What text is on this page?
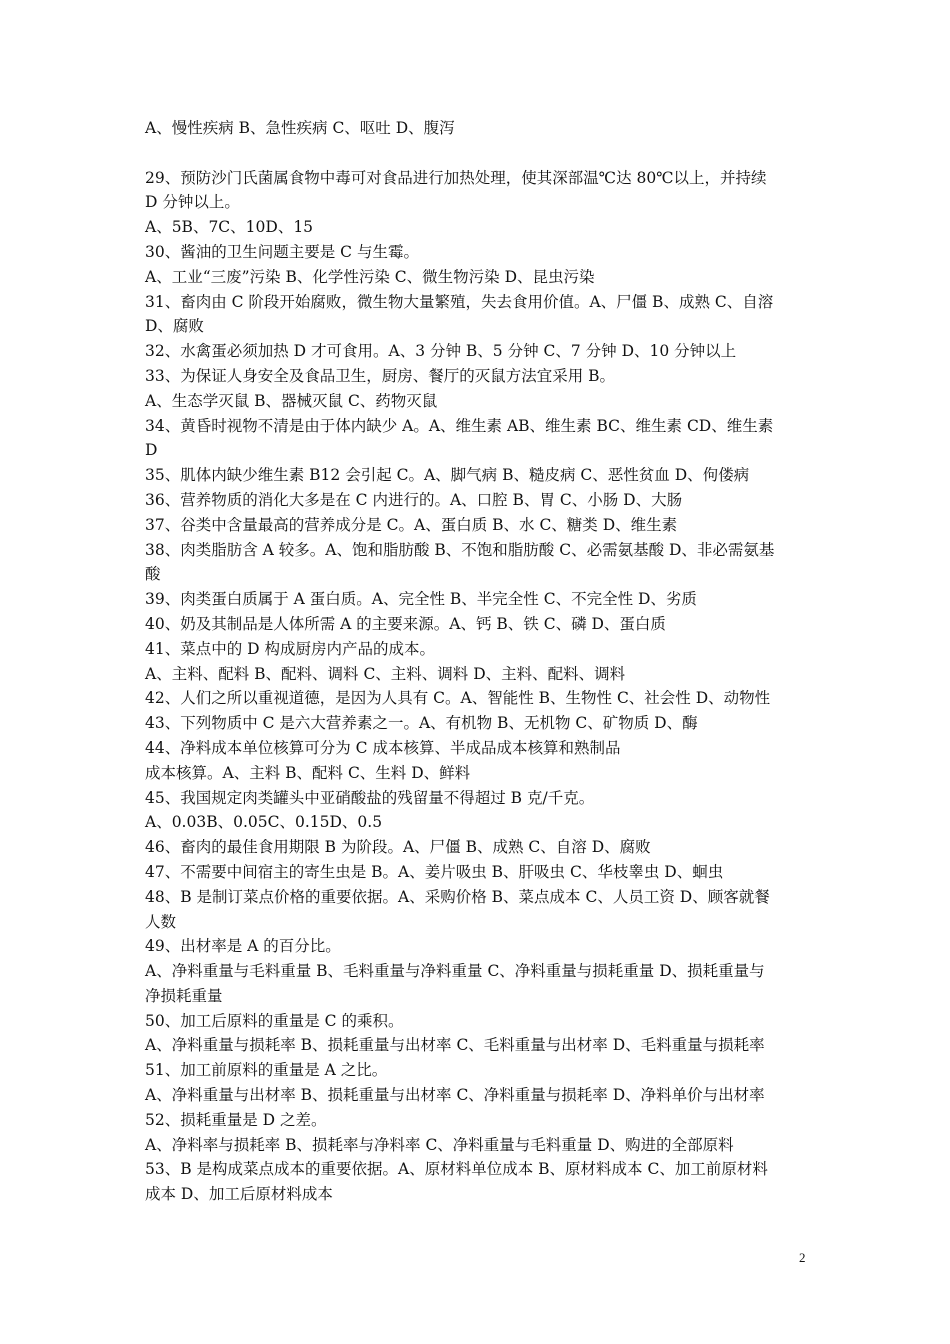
A、慢性疾病 B、急性疾病 C、呕吐 D、腹泻
29、预防沙门氏菌属食物中毒可对食品进行加热处理，使其深部温℃达 80℃以上，并持续
D 分钟以上。
A、5B、7C、10D、15
30、酱油的卫生问题主要是 C 与生霉。
A、工业“三废”污染 B、化学性污染 C、微生物污染 D、昆虫污染
31、畜肉由 C 阶段开始腐败，微生物大量繁殖，失去食用价值。A、尸僵 B、成熟 C、自溶
D、腐败
32、水禽蛋必须加热 D 才可食用。A、3 分钟 B、5 分钟 C、7 分钟 D、10 分钟以上
33、为保证人身安全及食品卫生，厨房、餐厅的灭鼠方法宜采用 B。
A、生态学灭鼠 B、器械灭鼠 C、药物灭鼠
34、黄昏时视物不清是由于体内缺少 A。A、维生素 AB、维生素 BC、维生素 CD、维生素
D
35、肌体内缺少维生素 B12 会引起 C。A、脚气病 B、糙皮病 C、恶性贫血 D、佝偻病
36、营养物质的消化大多是在 C 内进行的。A、口腔 B、胃 C、小肠 D、大肠
37、谷类中含量最高的营养成分是 C。A、蛋白质 B、水 C、糖类 D、维生素
38、肉类脂肪含 A 较多。A、饱和脂肪酸 B、不饱和脂肪酸 C、必需氨基酸 D、非必需氨基
酸
39、肉类蛋白质属于 A 蛋白质。A、完全性 B、半完全性 C、不完全性 D、劣质
40、奶及其制品是人体所需 A 的主要来源。A、钙 B、铁 C、磷 D、蛋白质
41、菜点中的 D 构成厨房内产品的成本。
A、主料、配料 B、配料、调料 C、主料、调料 D、主料、配料、调料
42、人们之所以重视道德，是因为人具有 C。A、智能性 B、生物性 C、社会性 D、动物性
43、下列物质中 C 是六大营养素之一。A、有机物 B、无机物 C、矿物质 D、酶
44、净料成本单位核算可分为 C 成本核算、半成品成本核算和熟制品
成本核算。A、主料 B、配料 C、生料 D、鲜料
45、我国规定肉类罐头中亚硝酸盐的残留量不得超过 B 克/千克。
A、0.03B、0.05C、0.15D、0.5
46、畜肉的最佳食用期限 B 为阶段。A、尸僵 B、成熟 C、自溶 D、腐败
47、不需要中间宿主的寄生虫是 B。A、姜片吸虫 B、肝吸虫 C、华枝睾虫 D、蛔虫
48、B 是制订菜点价格的重要依据。A、采购价格 B、菜点成本 C、人员工资 D、顾客就餐
人数
49、出材率是 A 的百分比。
A、净料重量与毛料重量 B、毛料重量与净料重量 C、净料重量与损耗重量 D、损耗重量与
净损耗重量
50、加工后原料的重量是 C 的乘积。
A、净料重量与损耗率 B、损耗重量与出材率 C、毛料重量与出材率 D、毛料重量与损耗率
51、加工前原料的重量是 A 之比。
A、净料重量与出材率 B、损耗重量与出材率 C、净料重量与损耗率 D、净料单价与出材率
52、损耗重量是 D 之差。
A、净料率与损耗率 B、损耗率与净料率 C、净料重量与毛料重量 D、购进的全部原料
53、B 是构成菜点成本的重要依据。A、原材料单位成本 B、原材料成本 C、加工前原材料
成本 D、加工后原材料成本
2
